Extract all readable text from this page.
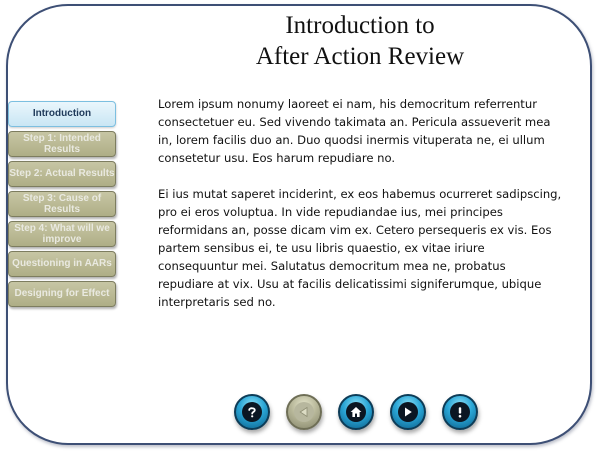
Introduction to
After Action Review
Introduction
Step 1: Intended Results
Step 2: Actual Results
Step 3: Cause of Results
Step 4: What will we improve
Questioning in AARs
Designing for Effect

Lorem ipsum nonumy laoreet ei nam, his democritum referrentur consectetuer eu. Sed vivendo takimata an. Pericula assueverit mea in, lorem facilis duo an. Duo quodsi inermis vituperata ne, ei ullum consetetur usu. Eos harum repudiare no.

Ei ius mutat saperet inciderint, ex eos habemus ocurreret sadipscing, pro ei eros voluptua. In vide repudiandae ius, mei principes reformidans an, posse dicam vim ex. Cetero persequeris ex vis. Eos partem sensibus ei, te usu libris quaestio, ex vitae iriure consequuntur mei. Salutatus democritum mea ne, probatus repudiare at vix. Usu at facilis delicatissimi signiferumque, ubique interpretaris sed no.
